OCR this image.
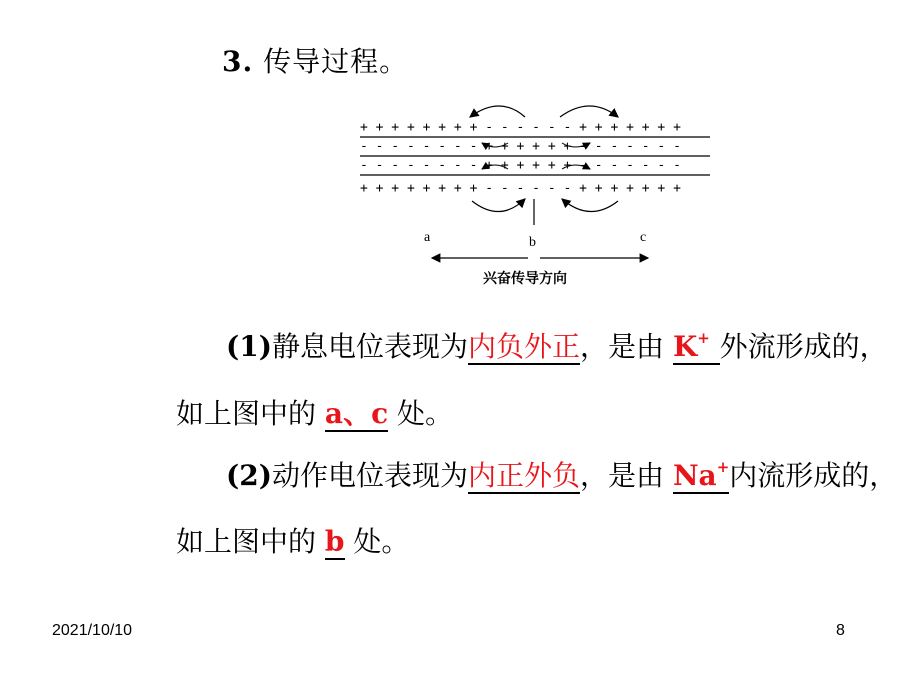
3. 传导过程。
+ + + + + + + + - - - - - - + + + + + + +
- - - - - - - - + + + + + + - - - - - - -
- - - - - - - - + + + + + + - - - - - - -
+ + + + + + + + - - - - - - + + + + + + +
a	b	c
兴奋传导方向
(1)静息电位表现为内负外正，是由 K+ 外流形成的，
如上图中的 a、c 处。
(2)动作电位表现为内正外负，是由 Na+内流形成的，
如上图中的 b 处。
2021/10/10	8
